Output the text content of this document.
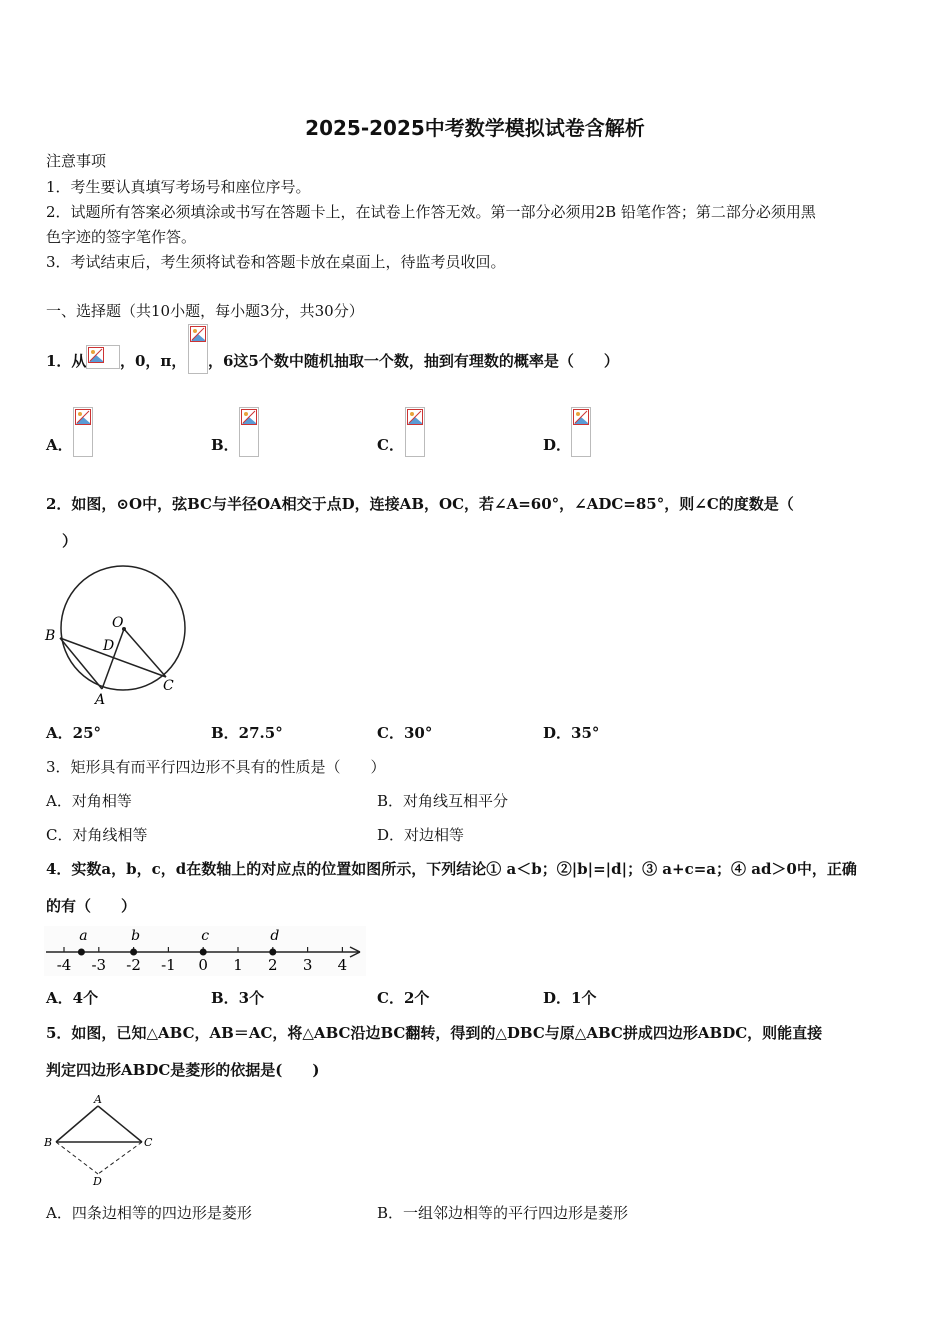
2025-2025中考数学模拟试卷含解析
注意事项
1．考生要认真填写考场号和座位序号。
2．试题所有答案必须填涂或书写在答题卡上，在试卷上作答无效。第一部分必须用2B 铅笔作答；第二部分必须用黑
色字迹的签字笔作答。
3．考试结束后，考生须将试卷和答题卡放在桌面上，待监考员收回。
一、选择题（共10小题，每小题3分，共30分）
1．从 ，0，π， ，6这5个数中随机抽取一个数，抽到有理数的概率是（　　）
A．	B．	C．	D．
2．如图，⊙O中，弦BC与半径OA相交于点D，连接AB，OC，若∠A=60°，∠ADC=85°，则∠C的度数是（
）
O
B
D
A
C
A．25°	B．27.5°	C．30°	D．35°
3．矩形具有而平行四边形不具有的性质是（　　）
A．对角相等	B．对角线互相平分
C．对角线相等	D．对边相等
4．实数a，b，c，d在数轴上的对应点的位置如图所示，下列结论① a＜b；②|b|=|d|；③ a+c=a；④ ad＞0中，正确
的有（　　）
-4 -3 -2 -1 0 1 2 3 4
a	b	c	d
A．4个	B．3个	C．2个	D．1个
5．如图，已知△ABC，AB＝AC，将△ABC沿边BC翻转，得到的△DBC与原△ABC拼成四边形ABDC，则能直接
判定四边形ABDC是菱形的依据是(　　)
A
B	C
D
A．四条边相等的四边形是菱形	B．一组邻边相等的平行四边形是菱形
